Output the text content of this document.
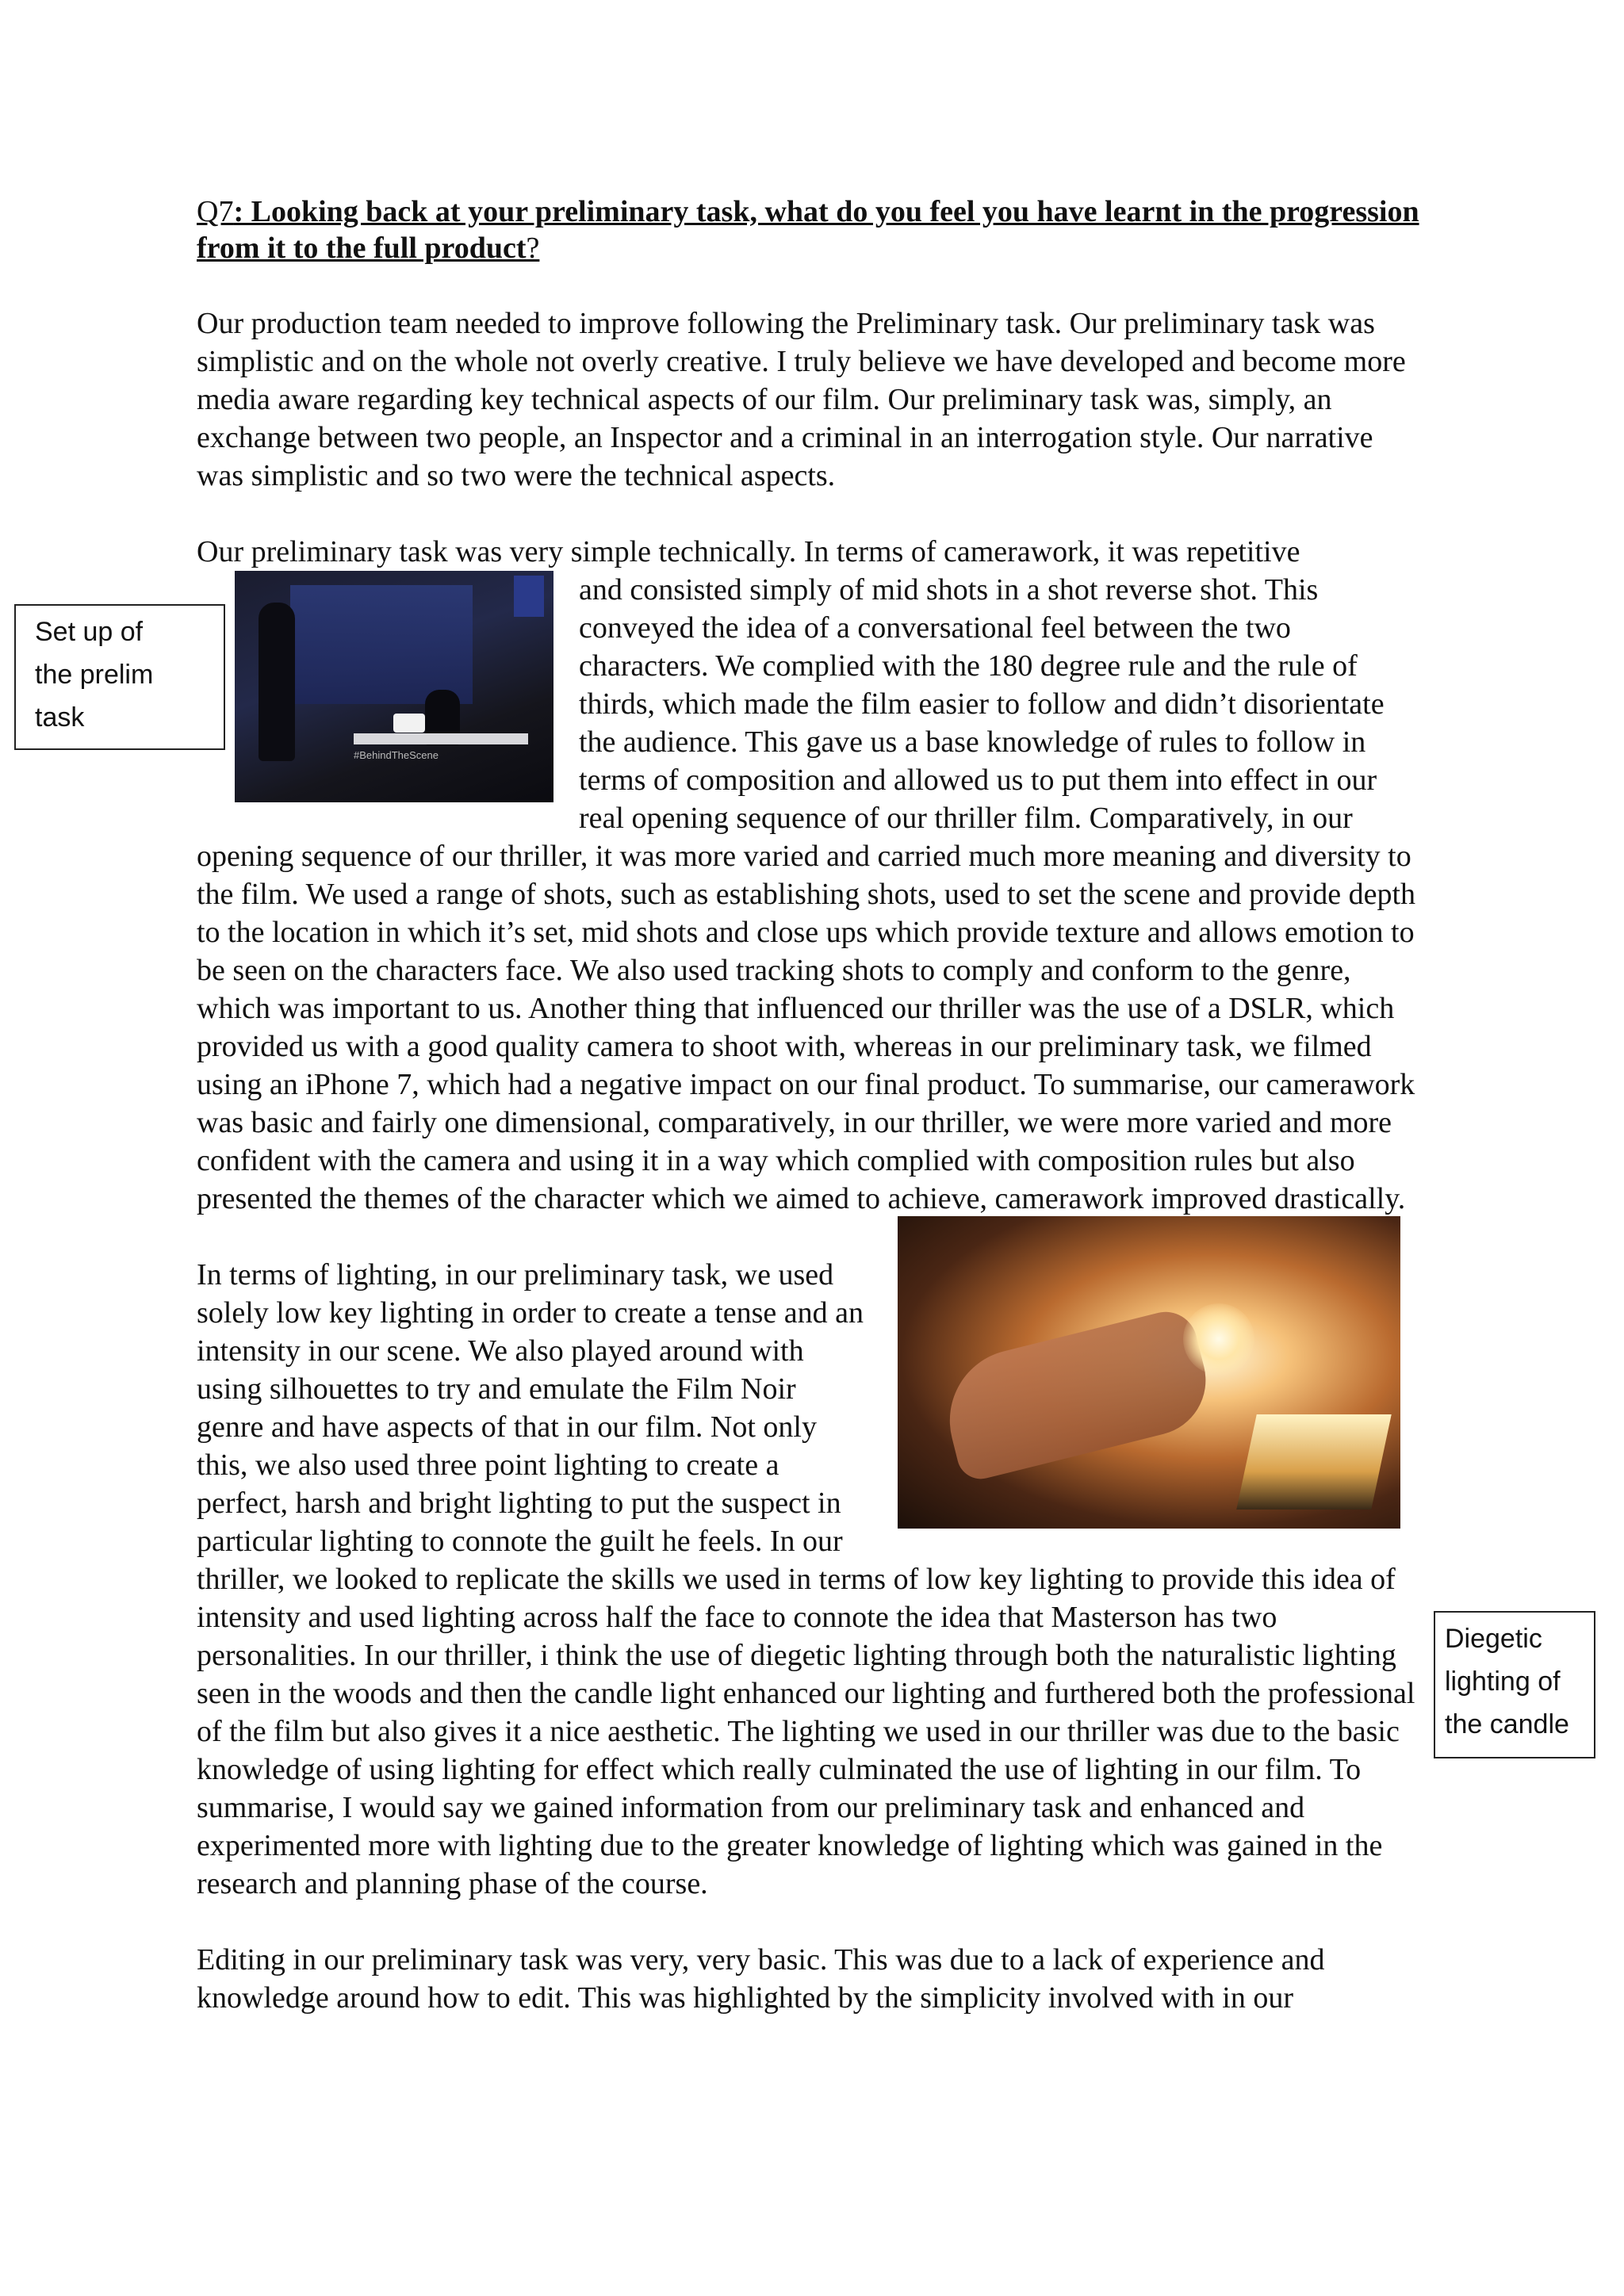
Q7: Looking back at your preliminary task, what do you feel you have learnt in the progression from it to the full product?

Our production team needed to improve following the Preliminary task. Our preliminary task was simplistic and on the whole not overly creative. I truly believe we have developed and become more media aware regarding key technical aspects of our film. Our preliminary task was, simply, an exchange between two people, an Inspector and a criminal in an interrogation style. Our narrative was simplistic and so two were the technical aspects.

Our preliminary task was very simple technically. In terms of camerawork, it was repetitive
#BehindTheScene
and consisted simply of mid shots in a shot reverse shot. This conveyed the idea of a conversational feel between the two characters. We complied with the 180 degree rule and the rule of thirds, which made the film easier to follow and didn’t disorientate the audience. This gave us a base knowledge of rules to follow in terms of composition and allowed us to put them into effect in our real opening sequence of our thriller film. Comparatively, in our opening sequence of our thriller, it was more varied and carried much more meaning and diversity to the film. We used a range of shots, such as establishing shots, used to set the scene and provide depth to the location in which it’s set, mid shots and close ups which provide texture and allows emotion to be seen on the characters face. We also used tracking shots to comply and conform to the genre, which was important to us. Another thing that influenced our thriller was the use of a DSLR, which provided us with a good quality camera to shoot with, whereas in our preliminary task, we filmed using an iPhone 7, which had a negative impact on our final product. To summarise, our camerawork was basic and fairly one dimensional, comparatively, in our thriller, we were more varied and more confident with the camera and using it in a way which complied with composition rules but also presented the themes of the character which we aimed to achieve, camerawork improved drastically.

In terms of lighting, in our preliminary task, we used solely low key lighting in order to create a tense and an intensity in our scene. We also played around with using silhouettes to try and emulate the Film Noir genre and have aspects of that in our film. Not only this, we also used three point lighting to create a perfect, harsh and bright lighting to put the suspect in particular lighting to connote the guilt he feels. In our thriller, we looked to replicate the skills we used in terms of low key lighting to provide this idea of intensity and used lighting across half the face to connote the idea that Masterson has two personalities. In our thriller, i think the use of diegetic lighting through both the naturalistic lighting seen in the woods and then the candle light enhanced our lighting and furthered both the professional of the film but also gives it a nice aesthetic. The lighting we used in our thriller was due to the basic knowledge of using lighting for effect which really culminated the use of lighting in our film. To summarise, I would say we gained information from our preliminary task and enhanced and experimented more with lighting due to the greater knowledge of lighting which was gained in the research and planning phase of the course.

Editing in our preliminary task was very, very basic. This was due to a lack of experience and knowledge around how to edit. This was highlighted by the simplicity involved with in our

Set up of
the prelim
task
Diegetic
lighting of
the candle
